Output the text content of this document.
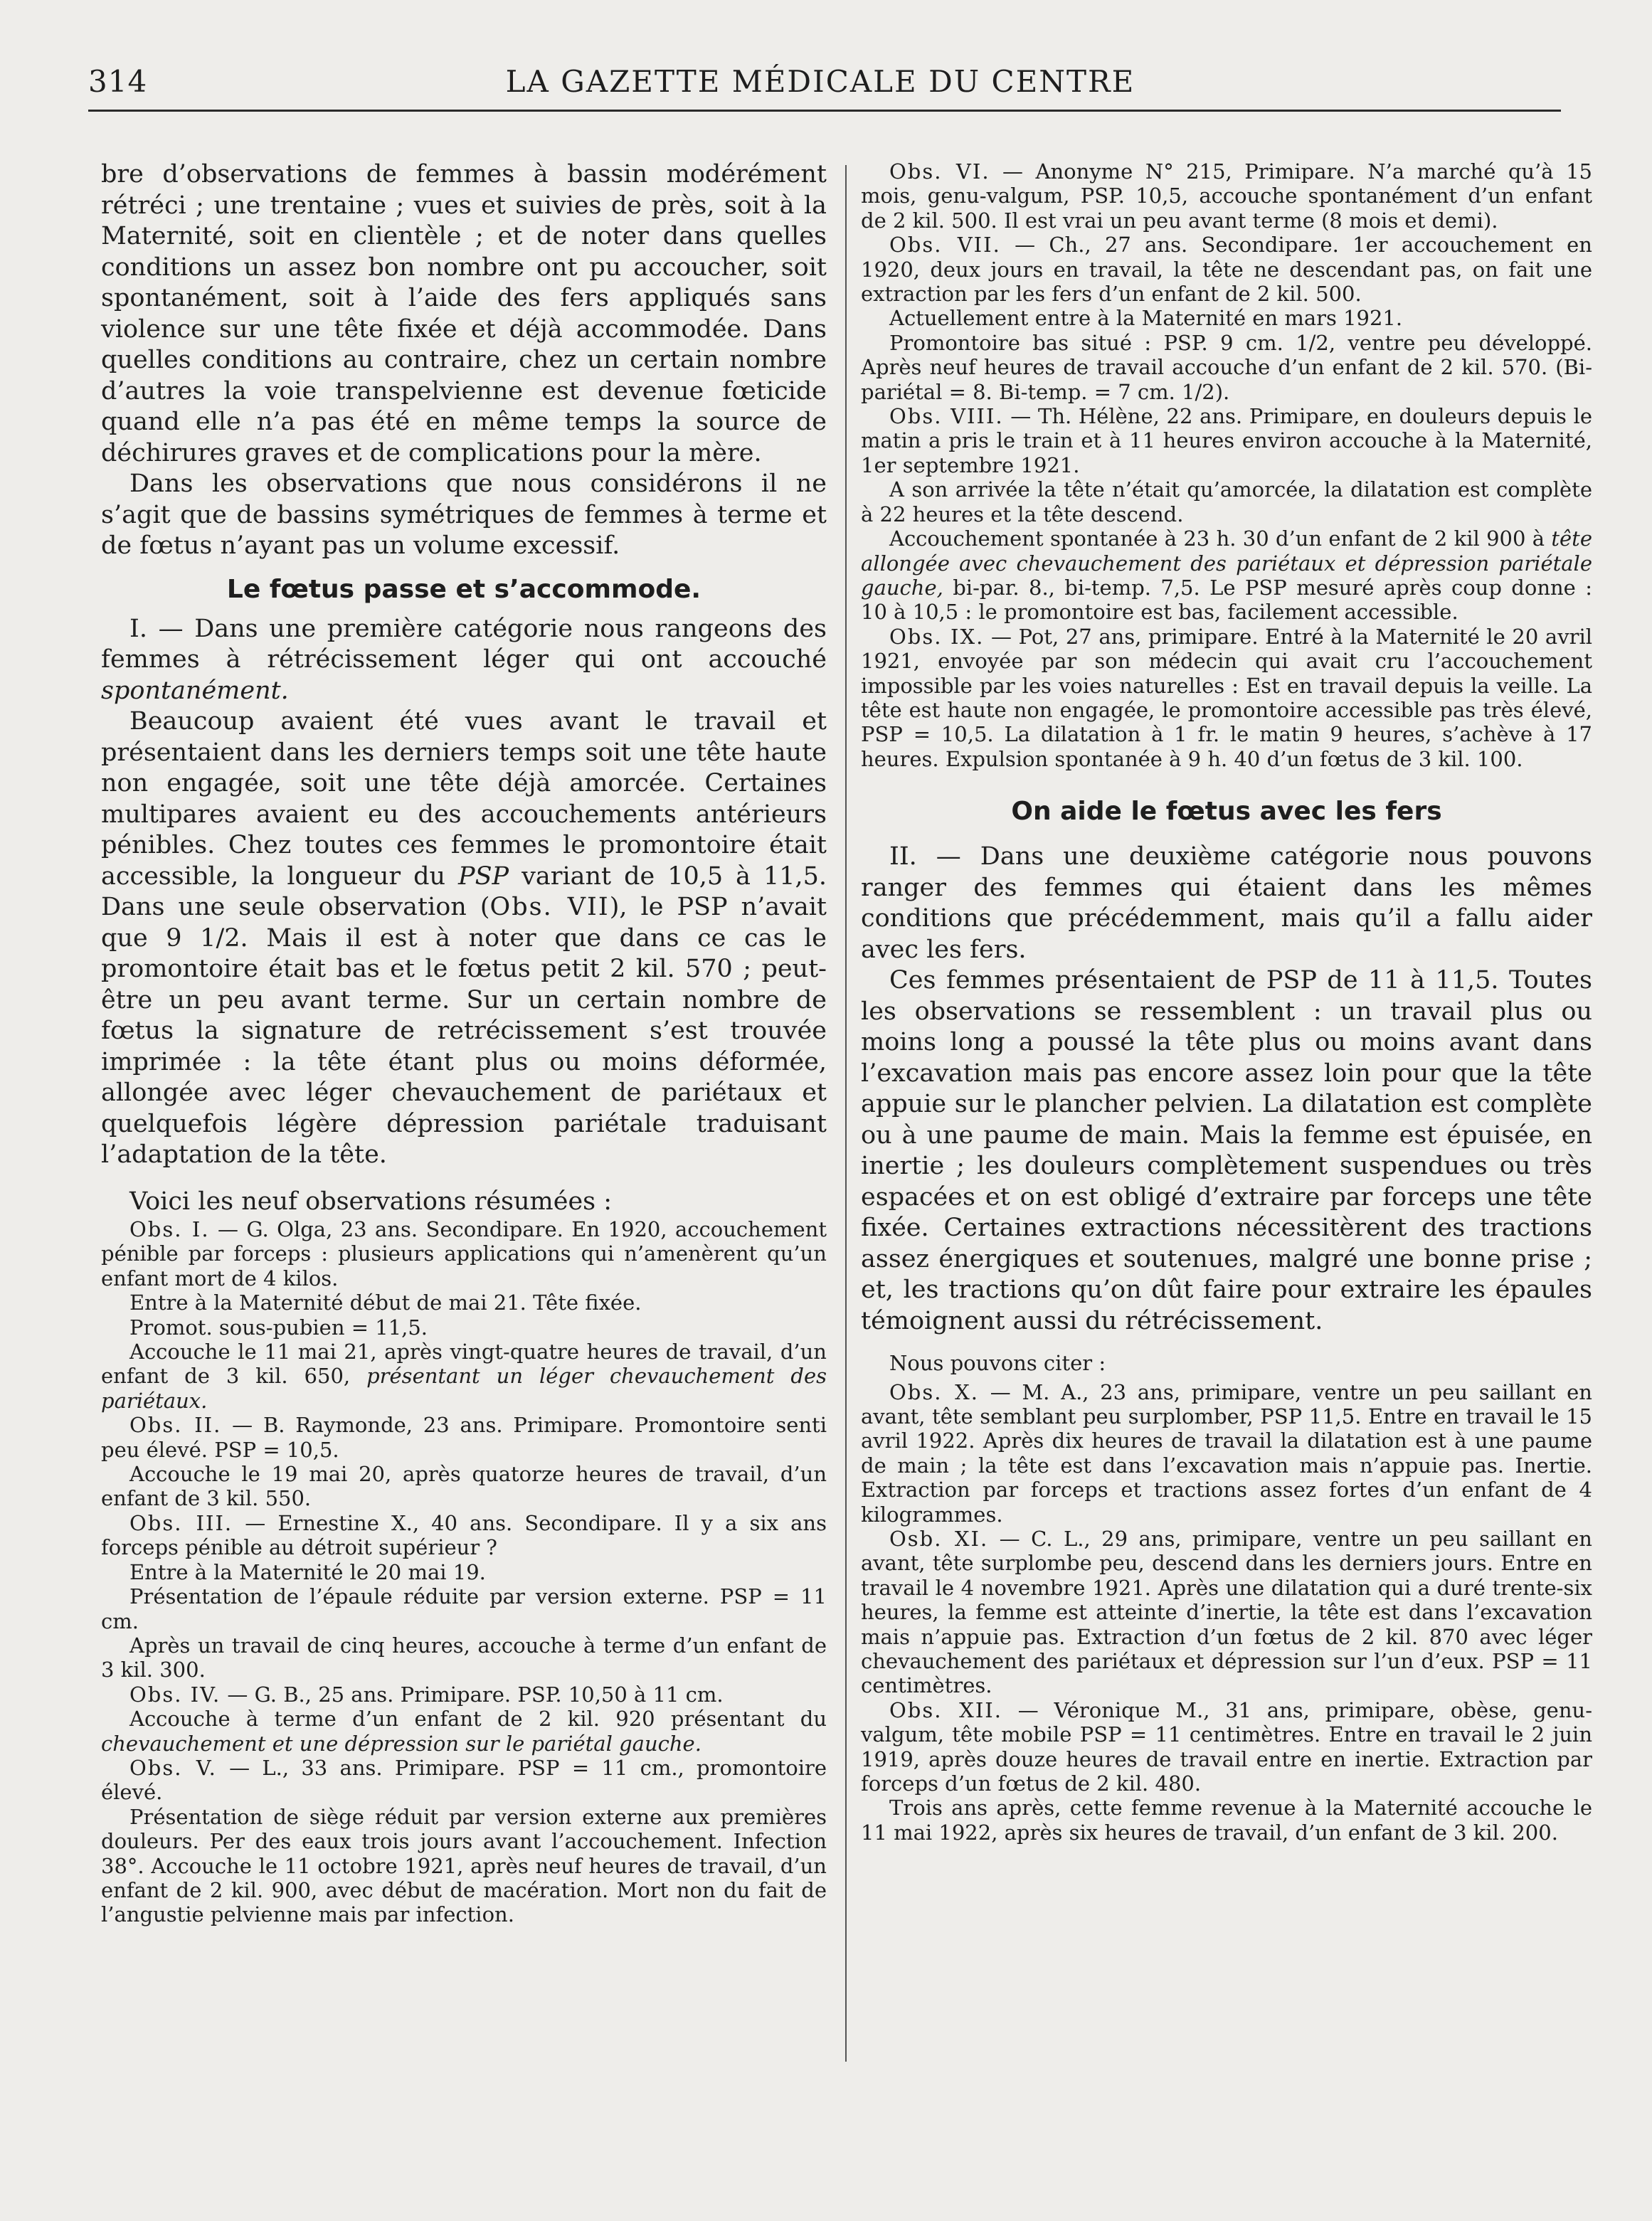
314	LA GAZETTE MÉDICALE DU CENTRE

bre d’observations de femmes à bassin modérément rétréci ; une trentaine ; vues et suivies de près, soit à la Maternité, soit en clientèle ; et de noter dans quelles conditions un assez bon nombre ont pu accoucher, soit spontanément, soit à l’aide des fers appliqués sans violence sur une tête fixée et déjà accommodée. Dans quelles conditions au contraire, chez un certain nombre d’autres la voie transpelvienne est devenue fœticide quand elle n’a pas été en même temps la source de déchirures graves et de complications pour la mère.

Dans les observations que nous considérons il ne s’agit que de bassins symétriques de femmes à terme et de fœtus n’ayant pas un volume excessif.

Le fœtus passe et s’accommode.

I. — Dans une première catégorie nous rangeons des femmes à rétrécissement léger qui ont accouché spontanément.

Beaucoup avaient été vues avant le travail et présentaient dans les derniers temps soit une tête haute non engagée, soit une tête déjà amorcée. Certaines multipares avaient eu des accouchements antérieurs pénibles. Chez toutes ces femmes le promontoire était accessible, la longueur du PSP variant de 10,5 à 11,5. Dans une seule observation (Obs. VII), le PSP n’avait que 9 1/2. Mais il est à noter que dans ce cas le promontoire était bas et le fœtus petit 2 kil. 570 ; peut-être un peu avant terme. Sur un certain nombre de fœtus la signature de retrécissement s’est trouvée imprimée : la tête étant plus ou moins déformée, allongée avec léger chevauchement de pariétaux et quelquefois légère dépression pariétale traduisant l’adaptation de la tête.

Voici les neuf observations résumées :

Obs. I. — G. Olga, 23 ans. Secondipare. En 1920, accouchement pénible par forceps : plusieurs applications qui n’amenèrent qu’un enfant mort de 4 kilos.

Entre à la Maternité début de mai 21. Tête fixée.

Promot. sous-pubien = 11,5.

Accouche le 11 mai 21, après vingt-quatre heures de travail, d’un enfant de 3 kil. 650, présentant un léger chevauchement des pariétaux.

Obs. II. — B. Raymonde, 23 ans. Primipare. Promontoire senti peu élevé. PSP = 10,5.

Accouche le 19 mai 20, après quatorze heures de travail, d’un enfant de 3 kil. 550.

Obs. III. — Ernestine X., 40 ans. Secondipare. Il y a six ans forceps pénible au détroit supérieur ?

Entre à la Maternité le 20 mai 19.

Présentation de l’épaule réduite par version externe. PSP = 11 cm.

Après un travail de cinq heures, accouche à terme d’un enfant de 3 kil. 300.

Obs. IV. — G. B., 25 ans. Primipare. PSP. 10,50 à 11 cm.

Accouche à terme d’un enfant de 2 kil. 920 présentant du chevauchement et une dépression sur le pariétal gauche.

Obs. V. — L., 33 ans. Primipare. PSP = 11 cm., promontoire élevé.

Présentation de siège réduit par version externe aux premières douleurs. Per des eaux trois jours avant l’accouchement. Infection 38°. Accouche le 11 octobre 1921, après neuf heures de travail, d’un enfant de 2 kil. 900, avec début de macération. Mort non du fait de l’angustie pelvienne mais par infection.

Obs. VI. — Anonyme N° 215, Primipare. N’a marché qu’à 15 mois, genu-valgum, PSP. 10,5, accouche spontanément d’un enfant de 2 kil. 500. Il est vrai un peu avant terme (8 mois et demi).

Obs. VII. — Ch., 27 ans. Secondipare. 1er accouchement en 1920, deux jours en travail, la tête ne descendant pas, on fait une extraction par les fers d’un enfant de 2 kil. 500.

Actuellement entre à la Maternité en mars 1921.

Promontoire bas situé : PSP. 9 cm. 1/2, ventre peu développé. Après neuf heures de travail accouche d’un enfant de 2 kil. 570. (Bi-pariétal = 8. Bi-temp. = 7 cm. 1/2).

Obs. VIII. — Th. Hélène, 22 ans. Primipare, en douleurs depuis le matin a pris le train et à 11 heures environ accouche à la Maternité, 1er septembre 1921.

A son arrivée la tête n’était qu’amorcée, la dilatation est complète à 22 heures et la tête descend.

Accouchement spontanée à 23 h. 30 d’un enfant de 2 kil 900 à tête allongée avec chevauchement des pariétaux et dépression pariétale gauche, bi-par. 8., bi-temp. 7,5. Le PSP mesuré après coup donne : 10 à 10,5 : le promontoire est bas, facilement accessible.

Obs. IX. — Pot, 27 ans, primipare. Entré à la Maternité le 20 avril 1921, envoyée par son médecin qui avait cru l’accouchement impossible par les voies naturelles : Est en travail depuis la veille. La tête est haute non engagée, le promontoire accessible pas très élevé, PSP = 10,5. La dilatation à 1 fr. le matin 9 heures, s’achève à 17 heures. Expulsion spontanée à 9 h. 40 d’un fœtus de 3 kil. 100.

On aide le fœtus avec les fers

II. — Dans une deuxième catégorie nous pouvons ranger des femmes qui étaient dans les mêmes conditions que précédemment, mais qu’il a fallu aider avec les fers.

Ces femmes présentaient de PSP de 11 à 11,5. Toutes les observations se ressemblent : un travail plus ou moins long a poussé la tête plus ou moins avant dans l’excavation mais pas encore assez loin pour que la tête appuie sur le plancher pelvien. La dilatation est complète ou à une paume de main. Mais la femme est épuisée, en inertie ; les douleurs complètement suspendues ou très espacées et on est obligé d’extraire par forceps une tête fixée. Certaines extractions nécessitèrent des tractions assez énergiques et soutenues, malgré une bonne prise ; et, les tractions qu’on dût faire pour extraire les épaules témoignent aussi du rétrécissement.

Nous pouvons citer :

Obs. X. — M. A., 23 ans, primipare, ventre un peu saillant en avant, tête semblant peu surplomber, PSP 11,5. Entre en travail le 15 avril 1922. Après dix heures de travail la dilatation est à une paume de main ; la tête est dans l’excavation mais n’appuie pas. Inertie. Extraction par forceps et tractions assez fortes d’un enfant de 4 kilogrammes.

Osb. XI. — C. L., 29 ans, primipare, ventre un peu saillant en avant, tête surplombe peu, descend dans les derniers jours. Entre en travail le 4 novembre 1921. Après une dilatation qui a duré trente-six heures, la femme est atteinte d’inertie, la tête est dans l’excavation mais n’appuie pas. Extraction d’un fœtus de 2 kil. 870 avec léger chevauchement des pariétaux et dépression sur l’un d’eux. PSP = 11 centimètres.

Obs. XII. — Véronique M., 31 ans, primipare, obèse, genu-valgum, tête mobile PSP = 11 centimètres. Entre en travail le 2 juin 1919, après douze heures de travail entre en inertie. Extraction par forceps d’un fœtus de 2 kil. 480.

Trois ans après, cette femme revenue à la Maternité accouche le 11 mai 1922, après six heures de travail, d’un enfant de 3 kil. 200.
